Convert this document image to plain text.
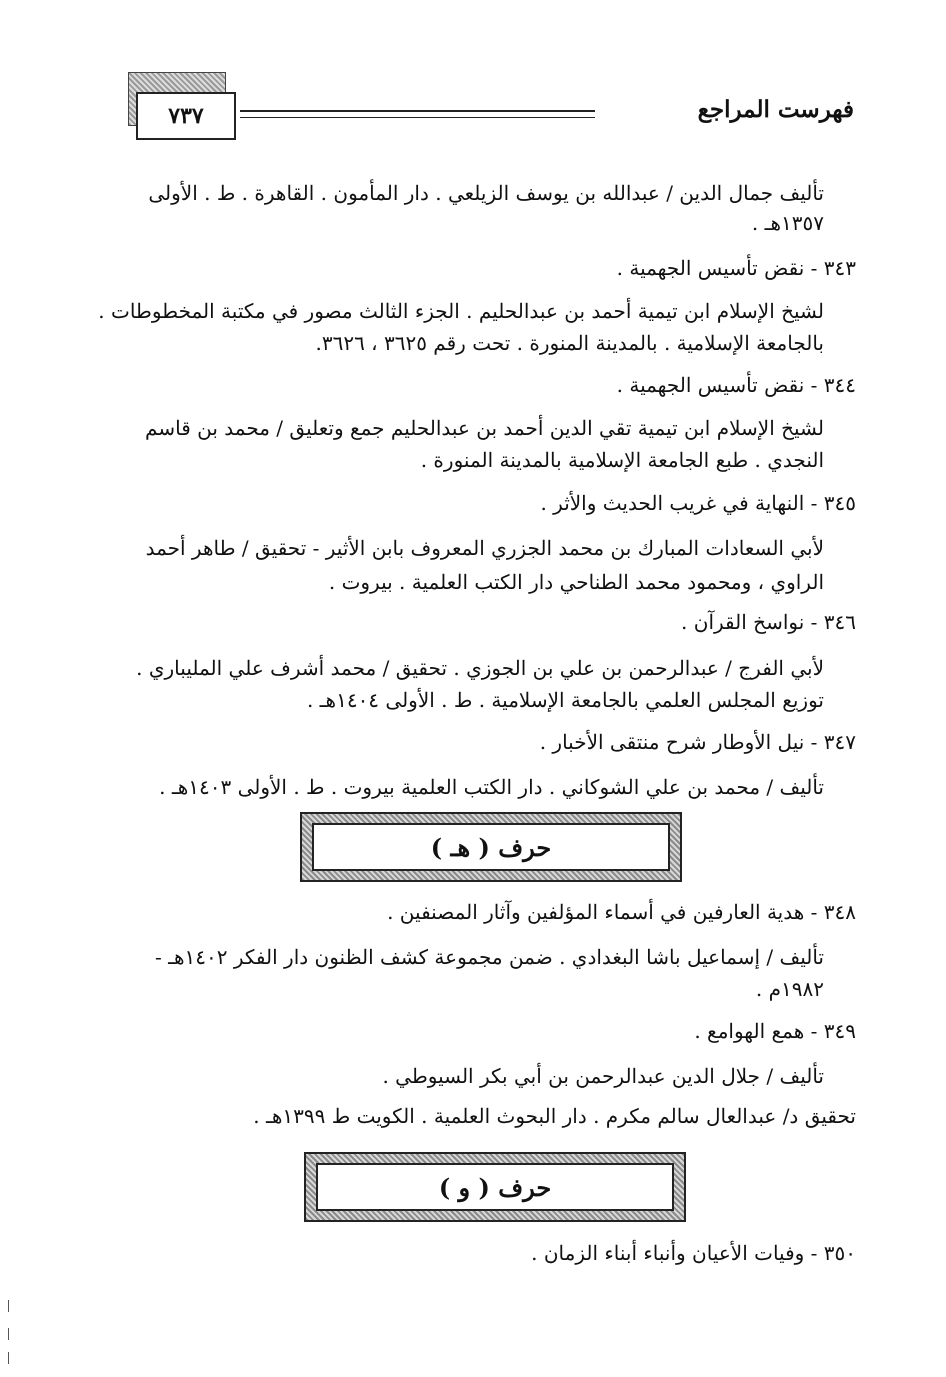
فهرست المراجع
٧٣٧
تأليف جمال الدين / عبدالله بن يوسف الزيلعي . دار المأمون . القاهرة . ط . الأولى
١٣٥٧هـ .
٣٤٣ - نقض تأسيس الجهمية .
لشيخ الإسلام ابن تيمية أحمد بن عبدالحليم . الجزء الثالث مصور في مكتبة المخطوطات .
بالجامعة الإسلامية . بالمدينة المنورة . تحت رقم ٣٦٢٥ ، ٣٦٢٦.
٣٤٤ - نقض تأسيس الجهمية .
لشيخ الإسلام ابن تيمية تقي الدين أحمد بن عبدالحليم جمع وتعليق / محمد بن قاسم
النجدي . طبع الجامعة الإسلامية بالمدينة المنورة .
٣٤٥ - النهاية في غريب الحديث والأثر .
لأبي السعادات المبارك بن محمد الجزري المعروف بابن الأثير - تحقيق / طاهر أحمد
الراوي ، ومحمود محمد الطناحي دار الكتب العلمية . بيروت .
٣٤٦ - نواسخ القرآن .
لأبي الفرج / عبدالرحمن بن علي بن الجوزي . تحقيق / محمد أشرف علي المليباري .
توزيع المجلس العلمي بالجامعة الإسلامية . ط . الأولى ١٤٠٤هـ .
٣٤٧ - نيل الأوطار شرح منتقى الأخبار .
تأليف / محمد بن علي الشوكاني . دار الكتب العلمية بيروت . ط . الأولى ١٤٠٣هـ .
حرف ( هـ )
٣٤٨ - هدية العارفين في أسماء المؤلفين وآثار المصنفين .
تأليف / إسماعيل باشا البغدادي . ضمن مجموعة كشف الظنون دار الفكر ١٤٠٢هـ -
١٩٨٢م .
٣٤٩ - همع الهوامع .
تأليف / جلال الدين عبدالرحمن بن أبي بكر السيوطي .
تحقيق د/ عبدالعال سالم مكرم . دار البحوث العلمية . الكويت ط ١٣٩٩هـ .
حرف ( و )
٣٥٠ - وفيات الأعيان وأنباء أبناء الزمان .
